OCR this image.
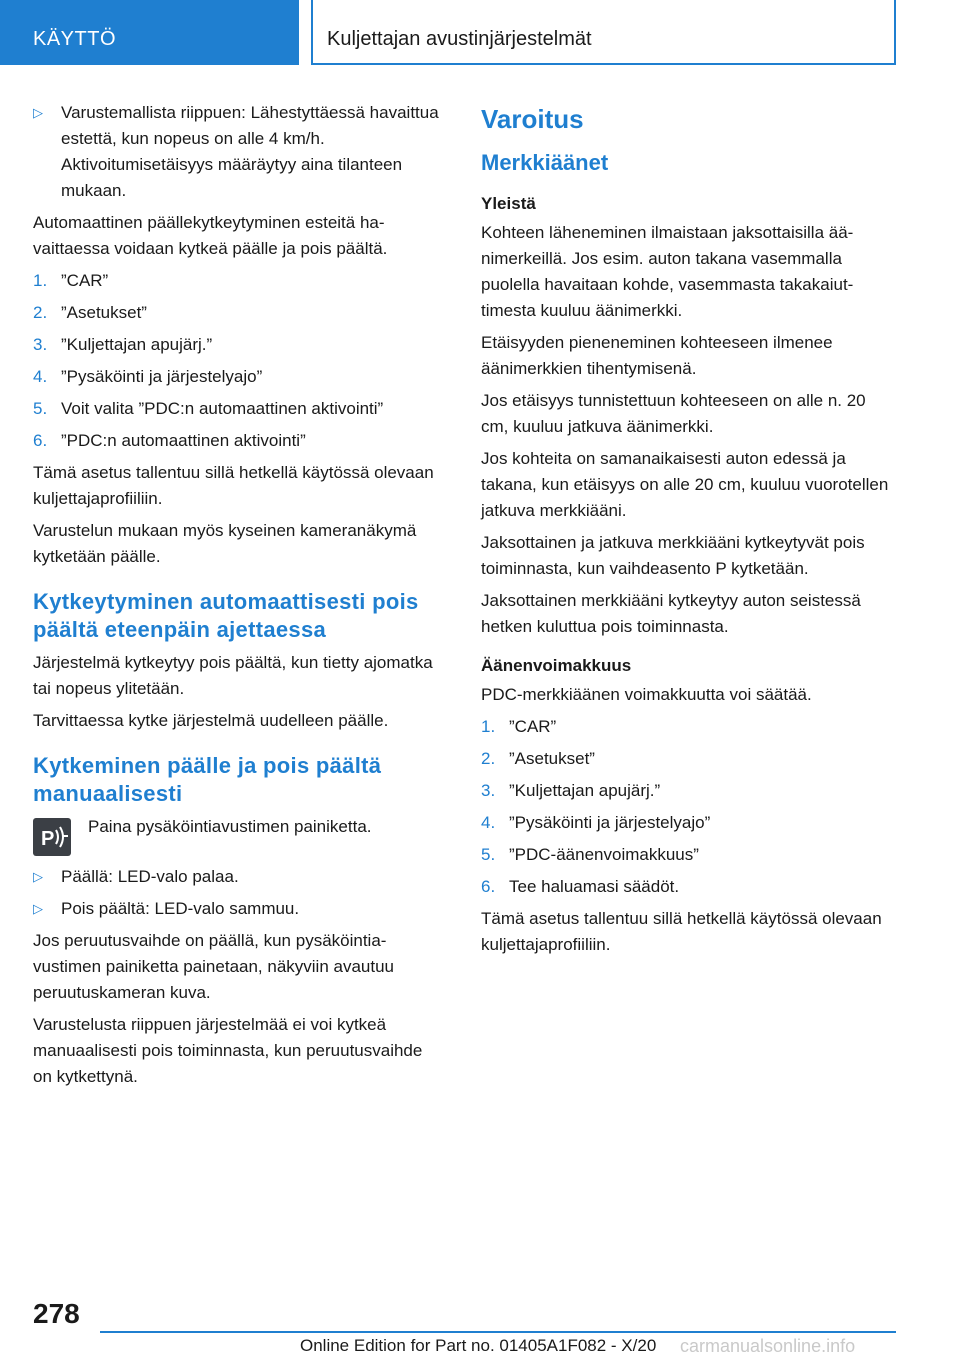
KÄYTTÖ	Kuljettajan avustinjärjestelmät
▷ Varustemallista riippuen: Lähestyttäessä havaittua estettä, kun nopeus on alle 4 km/h. Aktivoitumisetäisyys määräytyy aina tilanteen mukaan.

Automaattinen päällekytkeytyminen esteitä havaittaessa voidaan kytkeä päälle ja pois päältä.

1. ”CAR”
2. ”Asetukset”
3. ”Kuljettajan apujärj.”
4. ”Pysäköinti ja järjestelyajo”
5. Voit valita ”PDC:n automaattinen aktivointi”
6. ”PDC:n automaattinen aktivointi”

Tämä asetus tallentuu sillä hetkellä käytössä olevaan kuljettajaprofiiliin.

Varustelun mukaan myös kyseinen kameranäkymä kytketään päälle.

Kytkeytyminen automaattisesti pois päältä eteenpäin ajettaessa

Järjestelmä kytkeytyy pois päältä, kun tietty ajomatka tai nopeus ylitetään.

Tarvittaessa kytke järjestelmä uudelleen päälle.

Kytkeminen päälle ja pois päältä manuaalisesti
P

Paina pysäköintiavustimen painiketta.

▷ Päällä: LED-valo palaa.
▷ Pois päältä: LED-valo sammuu.

Jos peruutusvaihde on päällä, kun pysäköintiavustimen painiketta painetaan, näkyviin avautuu peruutuskameran kuva.

Varustelusta riippuen järjestelmää ei voi kytkeä manuaalisesti pois toiminnasta, kun peruutusvaihde on kytkettynä.

Varoitus
Merkkiäänet
Yleistä

Kohteen läheneminen ilmaistaan jaksottaisilla äänimerkeillä. Jos esim. auton takana vasemmalla puolella havaitaan kohde, vasemmasta takakaiuttimesta kuuluu äänimerkki.

Etäisyyden pieneneminen kohteeseen ilmenee äänimerkkien tihentymisenä.

Jos etäisyys tunnistettuun kohteeseen on alle n. 20 cm, kuuluu jatkuva äänimerkki.

Jos kohteita on samanaikaisesti auton edessä ja takana, kun etäisyys on alle 20 cm, kuuluu vuorotellen jatkuva merkkiääni.

Jaksottainen ja jatkuva merkkiääni kytkeytyvät pois toiminnasta, kun vaihdeasento P kytketään.

Jaksottainen merkkiääni kytkeytyy auton seistessä hetken kuluttua pois toiminnasta.

Äänenvoimakkuus

PDC-merkkiäänen voimakkuutta voi säätää.

1. ”CAR”
2. ”Asetukset”
3. ”Kuljettajan apujärj.”
4. ”Pysäköinti ja järjestelyajo”
5. ”PDC-äänenvoimakkuus”
6. Tee haluamasi säädöt.

Tämä asetus tallentuu sillä hetkellä käytössä olevaan kuljettajaprofiiliin.

278
Online Edition for Part no. 01405A1F082 - X/20 carmanualsonline.info
